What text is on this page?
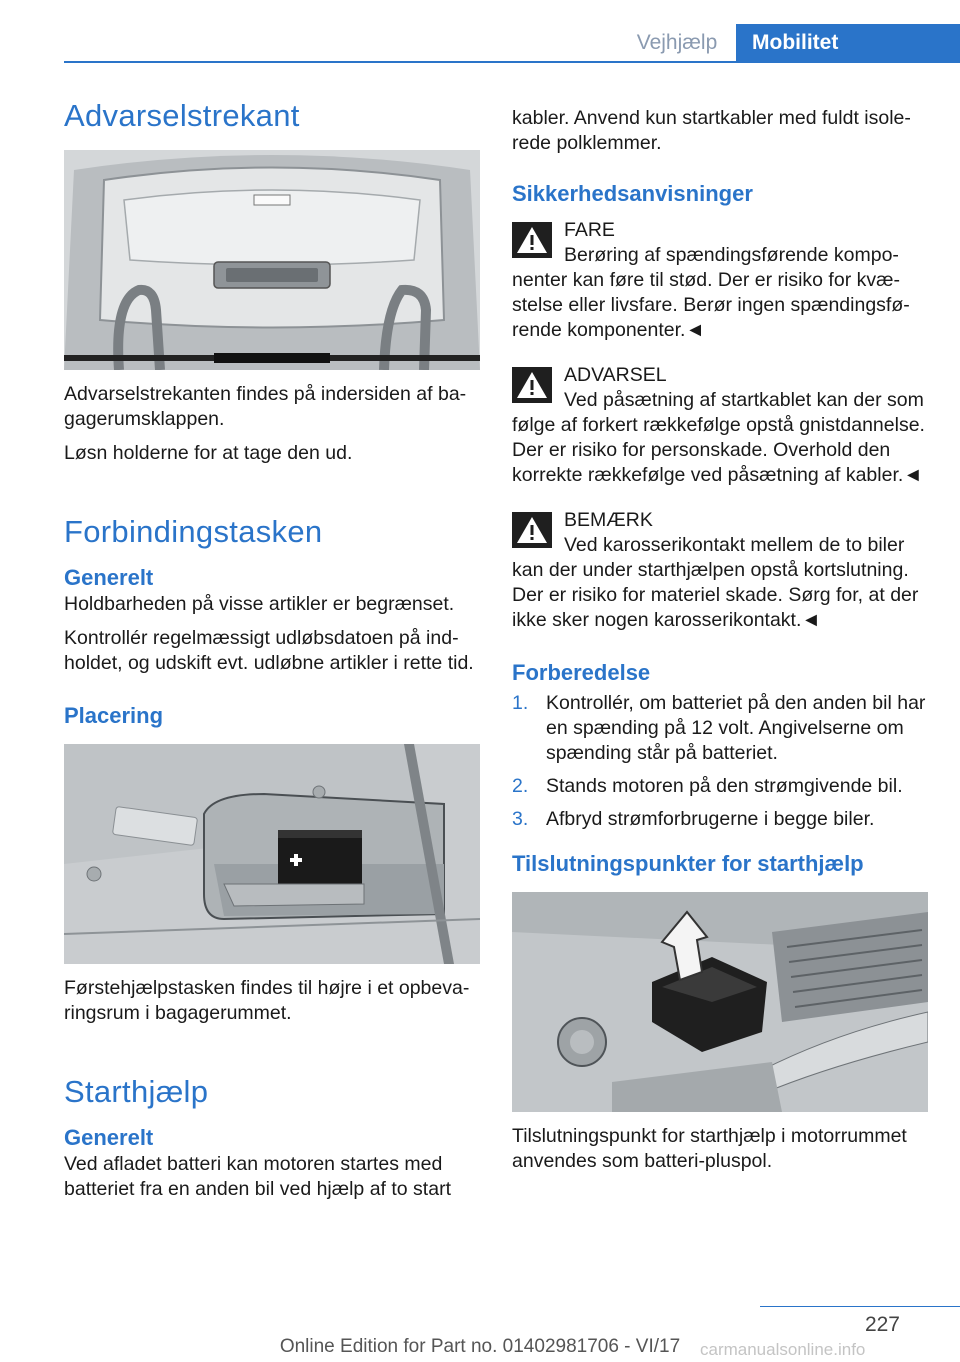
Vejhjælp	Mobilitet
Advarselstrekant

Advarselstrekanten findes på indersiden af bagagerumsklappen.

Løsn holderne for at tage den ud.

Forbindingstasken
Generelt

Holdbarheden på visse artikler er begrænset.

Kontrollér regelmæssigt udløbsdatoen på indholdet, og udskift evt. udløbne artikler i rette tid.

Placering

Førstehjælpstasken findes til højre i et opbevaringsrum i bagagerummet.

Starthjælp
Generelt

Ved afladet batteri kan motoren startes med batteriet fra en anden bil ved hjælp af to start

kabler. Anvend kun startkabler med fuldt isolerede polklemmer.

Sikkerhedsanvisninger
FARE

Berøring af spændingsførende komponenter kan føre til stød. Der er risiko for kvæstelse eller livsfare. Berør ingen spændingsførende komponenter.◄

ADVARSEL

Ved påsætning af startkablet kan der som følge af forkert rækkefølge opstå gnistdannelse. Der er risiko for personskade. Overhold den korrekte rækkefølge ved påsætning af kabler.◄

BEMÆRK

Ved karosserikontakt mellem de to biler kan der under starthjælpen opstå kortslutning. Der er risiko for materiel skade. Sørg for, at der ikke sker nogen karosserikontakt.◄

Forberedelse
1. Kontrollér, om batteriet på den anden bil har en spænding på 12 volt. Angivelserne om spænding står på batteriet.
2. Stands motoren på den strømgivende bil.
3. Afbryd strømforbrugerne i begge biler.
Tilslutningspunkter for starthjælp

Tilslutningspunkt for starthjælp i motorrummet anvendes som batteri-pluspol.

227
Online Edition for Part no. 01402981706 - VI/17	carmanualsonline.info
